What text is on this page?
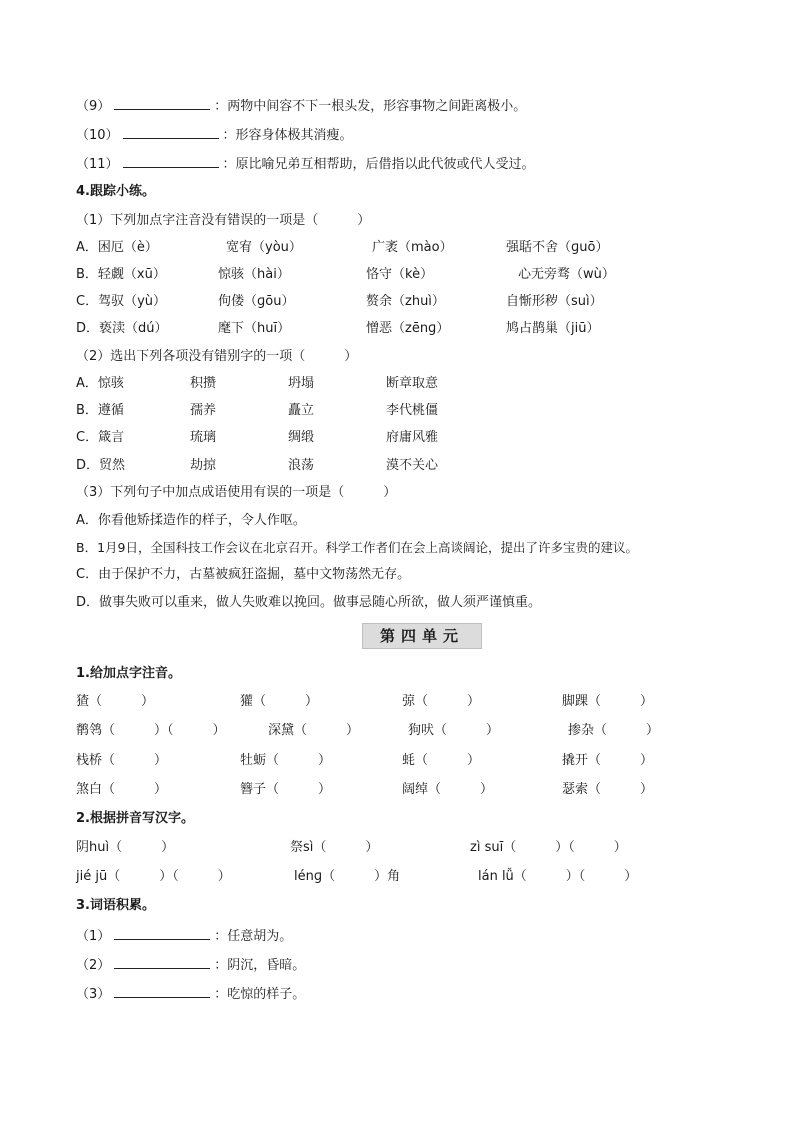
（9）	：两物中间容不下一根头发，形容事物之间距离极小。
（10）	：形容身体极其消瘦。
（11）	：原比喻兄弟互相帮助，后借指以此代彼或代人受过。
4.跟踪小练。
（1）下列加点字注音没有错误的一项是（　　　）
A．困厄（è）	宽宥（yòu）	广袤（mào）	强聒不舍（ɡuō）
B．轻觑（xū）	惊骇（hài）	恪守（kè）	心无旁骛（wù）
C．驾驭（yù）	佝偻（ɡōu）	赘余（zhuì）	自惭形秽（suì）
D．亵渎（dú）	麾下（huī）	憎恶（zēnɡ）	鸠占鹊巢（jiū）
（2）选出下列各项没有错别字的一项（　　　）
A．惊骇	积攒	坍塌	断章取意
B．遵循	孺养	矗立	李代桃僵
C．箴言	琉璃	绸缎	府庸风雅
D．贸然	劫掠	浪荡	漠不关心
（3）下列句子中加点成语使用有误的一项是（　　　）
A．你看他矫揉造作的样子，令人作呕。
B．1月9日，全国科技工作会议在北京召开。科学工作者们在会上高谈阔论，提出了许多宝贵的建议。
C．由于保护不力，古墓被疯狂盗掘，墓中文物荡然无存。
D．做事失败可以重来，做人失败难以挽回。做事忌随心所欲，做人须严谨慎重。
第四单元
1.给加点字注音。
猹（　　　）	獾（　　　）	弶（　　　）	脚踝（　　　）
鹡鸰（　　　）（　　　）	深黛（　　　）	狗吠（　　　）	掺杂（　　　）
栈桥（　　　）	牡蛎（　　　）	蚝（　　　）	撬开（　　　）
煞白（　　　）	簪子（　　　）	阔绰（　　　）	瑟索（　　　）
2.根据拼音写汉字。
阴huì（　　　）	祭sì（　　　）	zì suī（　　　）（　　　）
jié jū（　　　）（　　　）	lénɡ（　　　）角	lán lǚ（　　　）（　　　）
3.词语积累。
（1）	：任意胡为。
（2）	：阴沉，昏暗。
（3）	：吃惊的样子。
